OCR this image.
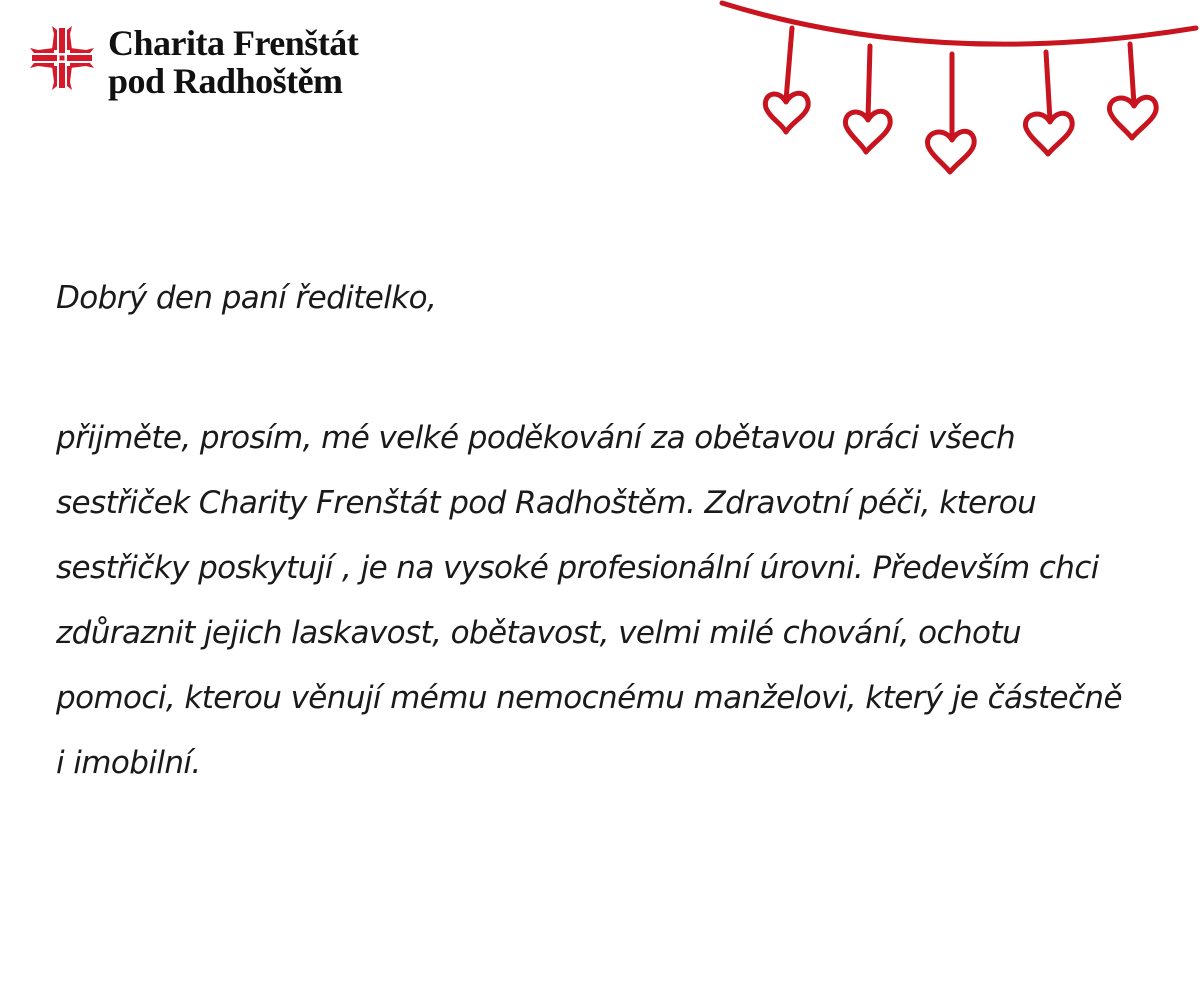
Charita Frenštát
pod Radhoštěm

Dobrý den paní ředitelko,

přijměte, prosím, mé velké poděkování za obětavou práci všech
sestřiček Charity Frenštát pod Radhoštěm. Zdravotní péči, kterou
sestřičky poskytují , je na vysoké profesionální úrovni. Především chci
zdůraznit jejich laskavost, obětavost, velmi milé chování, ochotu
pomoci, kterou věnují mému nemocnému manželovi, který je částečně
i imobilní.
